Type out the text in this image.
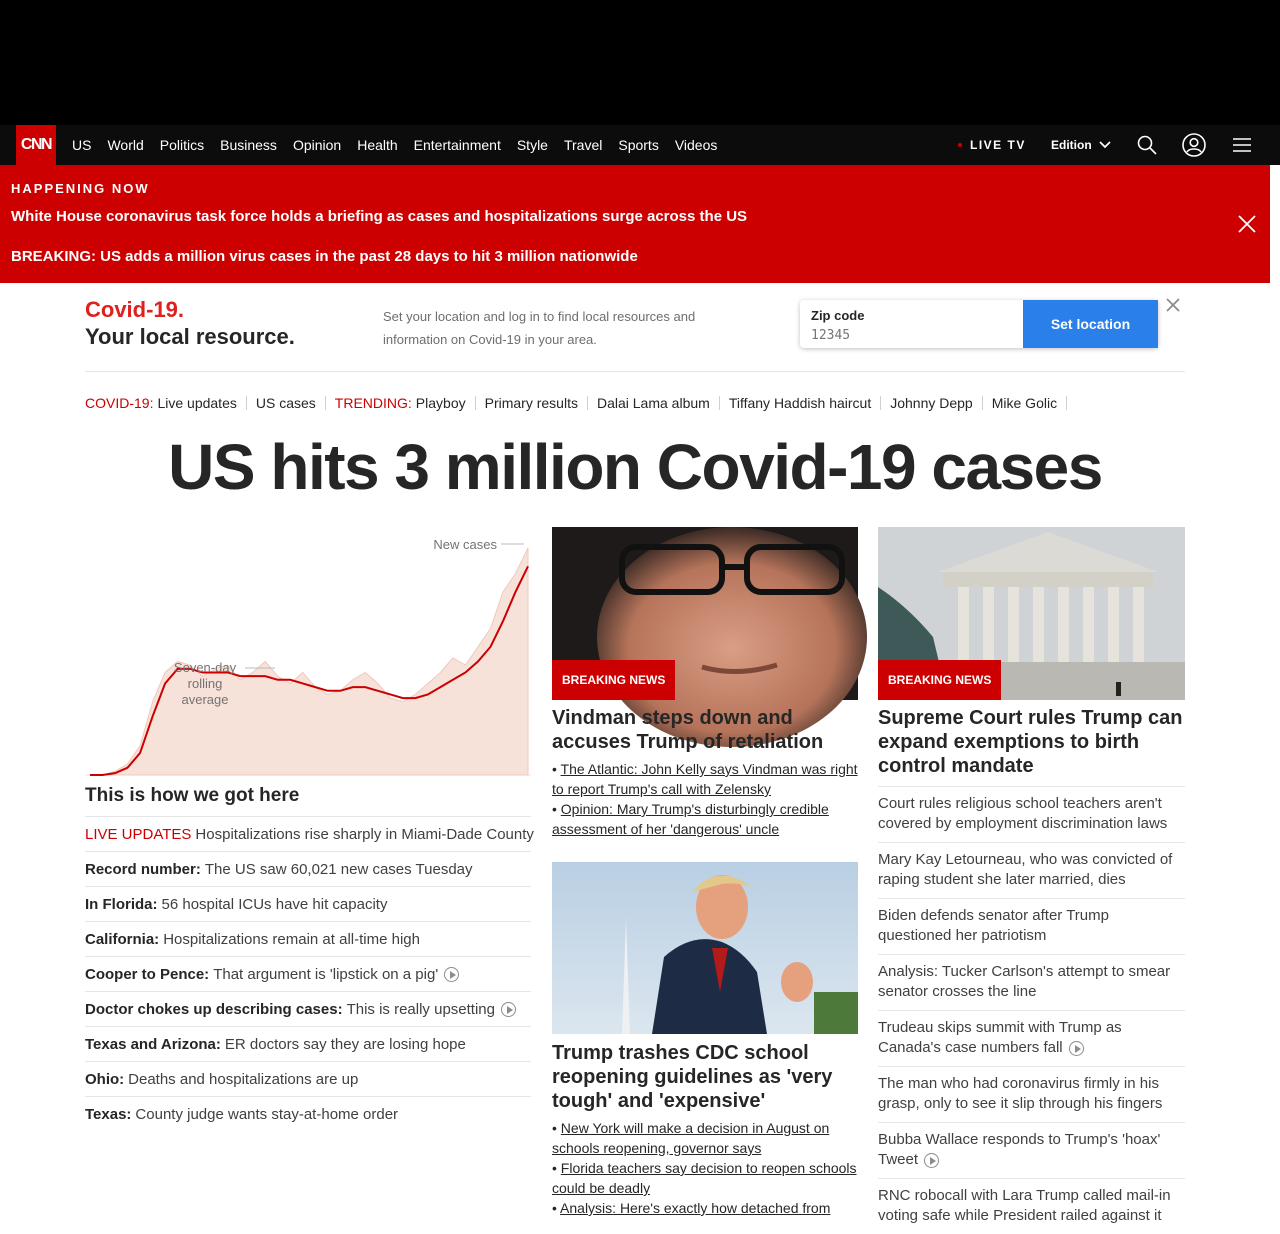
CNN	US World Politics Business Opinion Health Entertainment Style Travel Sports Videos	LIVE TV Edition
HAPPENING NOW
White House coronavirus task force holds a briefing as cases and hospitalizations surge across the US
BREAKING: US adds a million virus cases in the past 28 days to hit 3 million nationwide
Covid-19.
Your local resource.
Set your location and log in to find local resources and information on Covid-19 in your area.
Zip code
12345
Set location
COVID-19: Live updates US cases TRENDING: Playboy Primary results Dalai Lama album Tiffany Haddish haircut Johnny Depp Mike Golic
US hits 3 million Covid-19 cases
New cases
Seven-day
rolling
average
This is how we got here
LIVE UPDATES Hospitalizations rise sharply in Miami-Dade County
Record number: The US saw 60,021 new cases Tuesday
In Florida: 56 hospital ICUs have hit capacity
California: Hospitalizations remain at all-time high
Cooper to Pence: That argument is 'lipstick on a pig'
Doctor chokes up describing cases: This is really upsetting
Texas and Arizona: ER doctors say they are losing hope
Ohio: Deaths and hospitalizations are up
Texas: County judge wants stay-at-home order
BREAKING NEWS
Vindman steps down and accuses Trump of retaliation
• The Atlantic: John Kelly says Vindman was right to report Trump's call with Zelensky
• Opinion: Mary Trump's disturbingly credible assessment of her 'dangerous' uncle
Trump trashes CDC school reopening guidelines as 'very tough' and 'expensive'
• New York will make a decision in August on schools reopening, governor says
• Florida teachers say decision to reopen schools could be deadly
• Analysis: Here's exactly how detached from
BREAKING NEWS
Supreme Court rules Trump can expand exemptions to birth control mandate
Court rules religious school teachers aren't covered by employment discrimination laws
Mary Kay Letourneau, who was convicted of raping student she later married, dies
Biden defends senator after Trump questioned her patriotism
Analysis: Tucker Carlson's attempt to smear senator crosses the line
Trudeau skips summit with Trump as Canada's case numbers fall
The man who had coronavirus firmly in his grasp, only to see it slip through his fingers
Bubba Wallace responds to Trump's 'hoax' Tweet
RNC robocall with Lara Trump called mail-in voting safe while President railed against it
